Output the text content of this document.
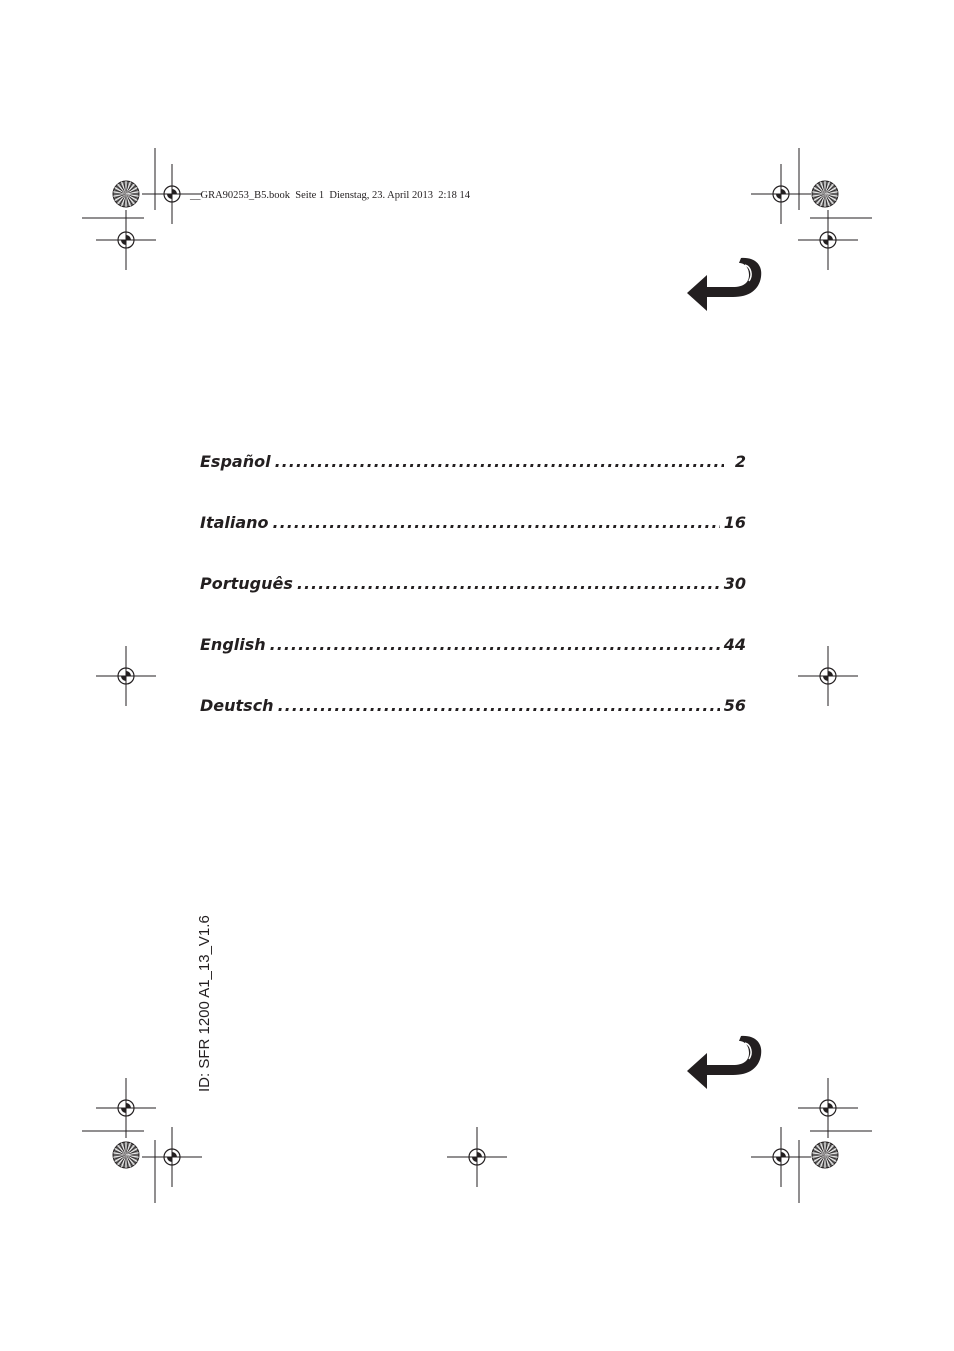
__GRA90253_B5.book  Seite 1  Dienstag, 23. April 2013  2:18 14
Español .....	2
Italiano .....	16
Português .....	30
English .....	44
Deutsch .....	56
ID: SFR 1200 A1_13_V1.6
